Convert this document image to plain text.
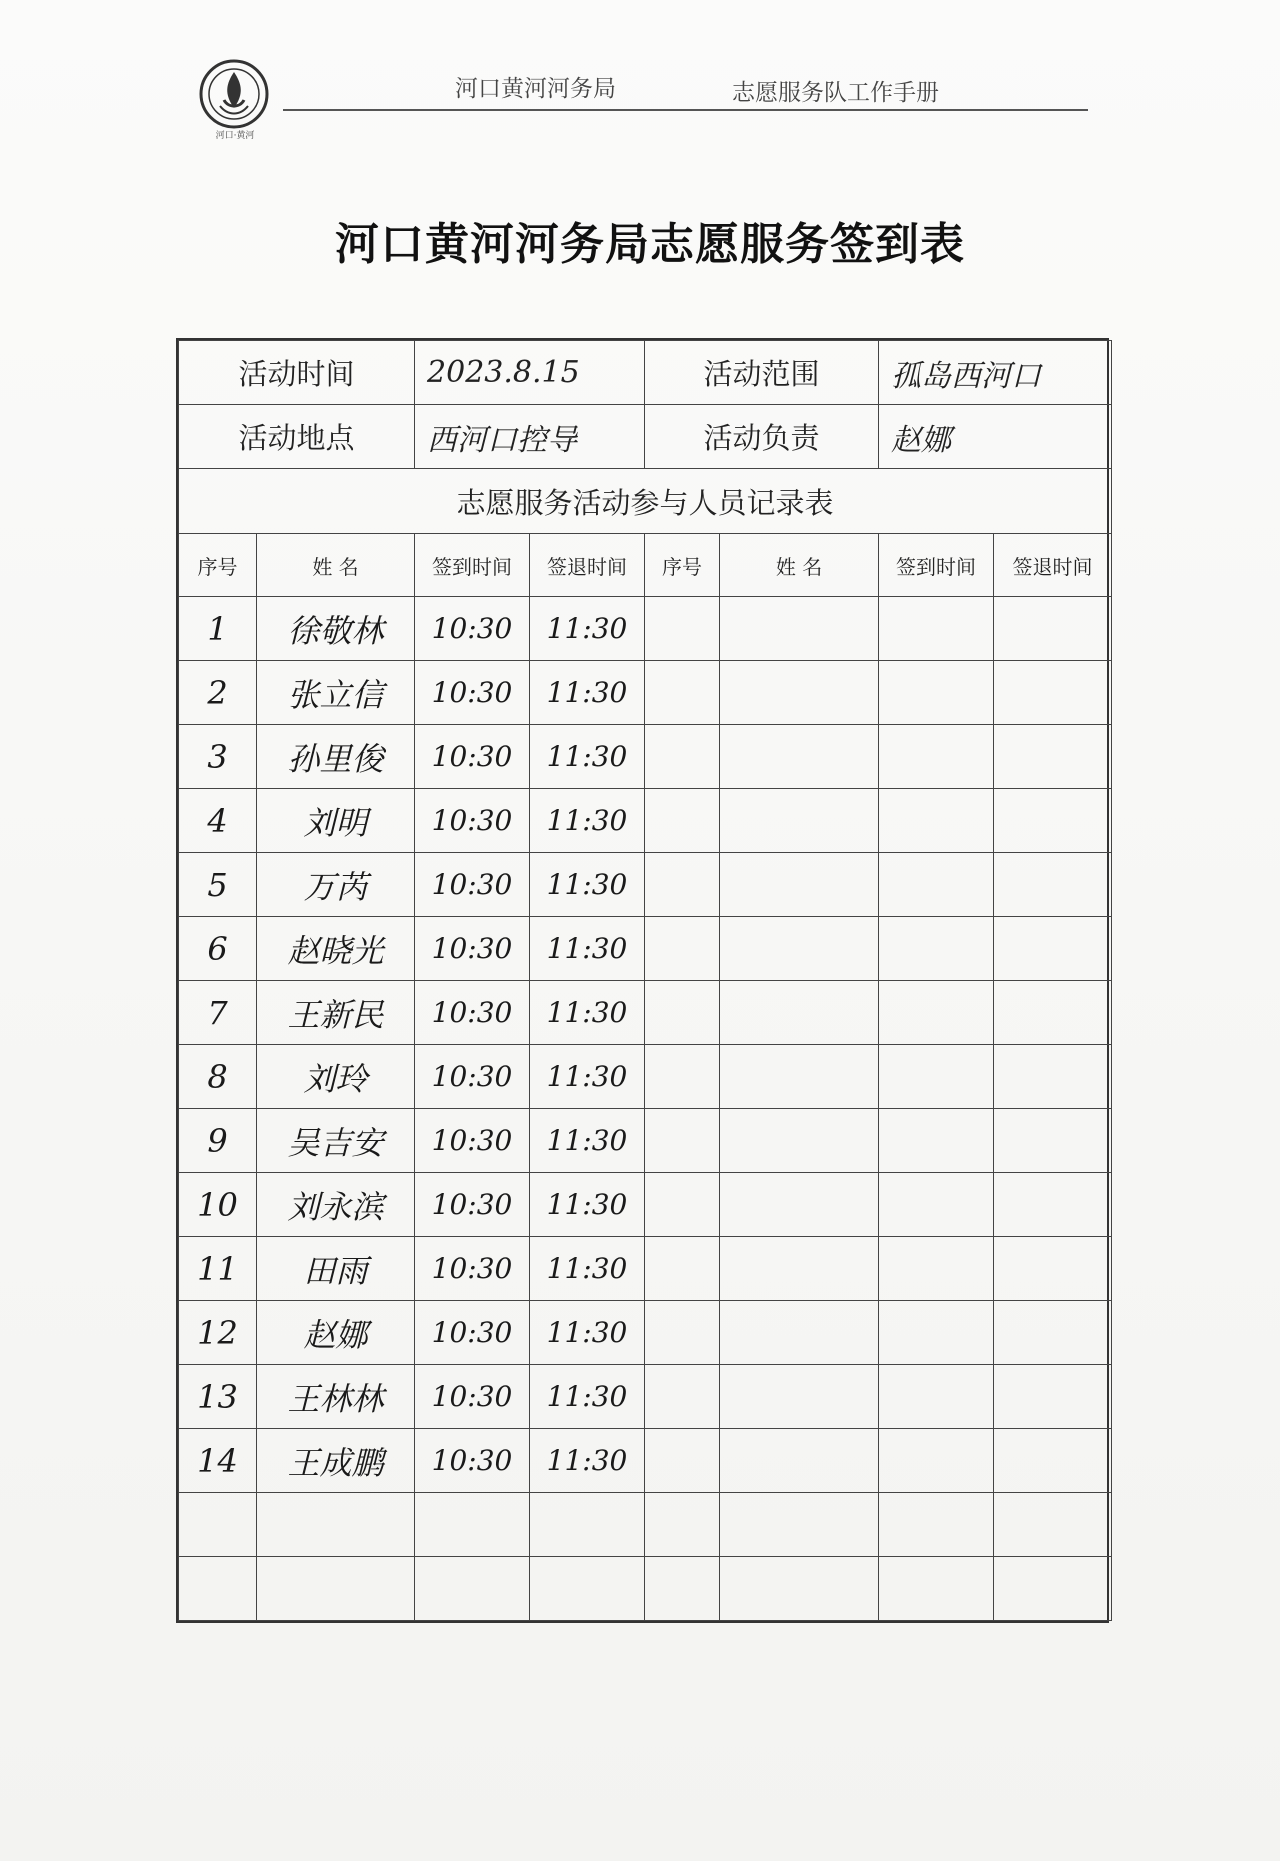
河口·黄河
河口黄河河务局	志愿服务队工作手册
河口黄河河务局志愿服务签到表
活动时间		2023.8.15		活动范围		孤岛西河口	
活动地点		西河口控导		活动负责		赵娜	
志愿服务活动参与人员记录表							
序号	姓 名	签到时间	签退时间	序号	姓 名	签到时间	签退时间
1	徐敬林	10:30	11:30				
2	张立信	10:30	11:30				
3	孙里俊	10:30	11:30				
4	刘明	10:30	11:30				
5	万芮	10:30	11:30				
6	赵晓光	10:30	11:30				
7	王新民	10:30	11:30				
8	刘玲	10:30	11:30				
9	吴吉安	10:30	11:30				
10	刘永滨	10:30	11:30				
11	田雨	10:30	11:30				
12	赵娜	10:30	11:30				
13	王林林	10:30	11:30				
14	王成鹏	10:30	11:30				
